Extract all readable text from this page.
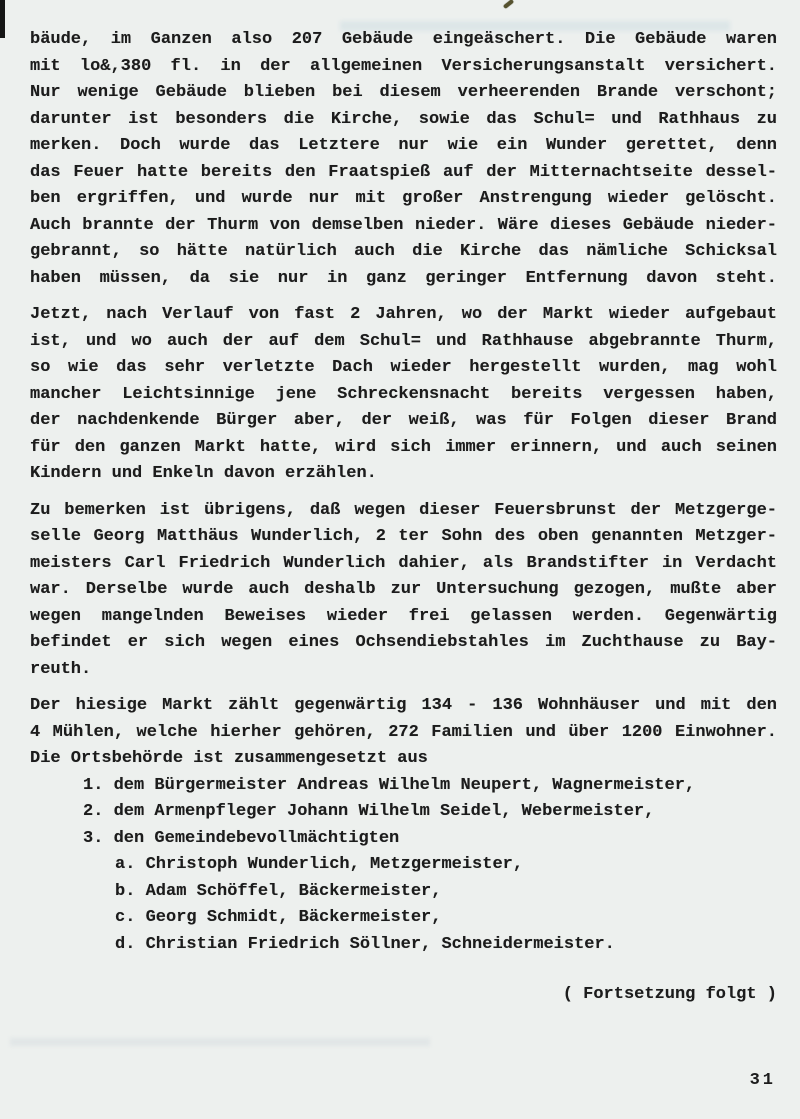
bäude, im Ganzen also 207 Gebäude eingeäschert. Die Gebäude waren
mit lo&,380 fl. in der allgemeinen Versicherungsanstalt versichert.
Nur wenige Gebäude blieben bei diesem verheerenden Brande verschont;
darunter ist besonders die Kirche, sowie das Schul= und Rathhaus zu
merken. Doch wurde das Letztere nur wie ein Wunder gerettet, denn
das Feuer hatte bereits den Fraatspieß auf der Mitternachtseite dessel-
ben ergriffen, und wurde nur mit großer Anstrengung wieder gelöscht.
Auch brannte der Thurm von demselben nieder. Wäre dieses Gebäude nieder-
gebrannt, so hätte natürlich auch die Kirche das nämliche Schicksal
haben müssen, da sie nur in ganz geringer Entfernung davon steht.
Jetzt, nach Verlauf von fast 2 Jahren, wo der Markt wieder aufgebaut
ist, und wo auch der auf dem Schul= und Rathhause abgebrannte Thurm,
so wie das sehr verletzte Dach wieder hergestellt wurden, mag wohl
mancher Leichtsinnige jene Schreckensnacht bereits vergessen haben,
der nachdenkende Bürger aber, der weiß, was für Folgen dieser Brand
für den ganzen Markt hatte, wird sich immer erinnern, und auch seinen
Kindern und Enkeln davon erzählen.
Zu bemerken ist übrigens, daß wegen dieser Feuersbrunst der Metzgerge-
selle Georg Matthäus Wunderlich, 2 ter Sohn des oben genannten Metzger-
meisters Carl Friedrich Wunderlich dahier, als Brandstifter in Verdacht
war. Derselbe wurde auch deshalb zur Untersuchung gezogen, mußte aber
wegen mangelnden Beweises wieder frei gelassen werden. Gegenwärtig
befindet er sich wegen eines Ochsendiebstahles im Zuchthause zu Bay-
reuth.
Der hiesige Markt zählt gegenwärtig 134 - 136 Wohnhäuser und mit den
4 Mühlen, welche hierher gehören, 272 Familien und über 1200 Einwohner.
Die Ortsbehörde ist zusammengesetzt aus
1. dem Bürgermeister Andreas Wilhelm Neupert, Wagnermeister,
2. dem Armenpfleger Johann Wilhelm Seidel, Webermeister,
3. den Gemeindebevollmächtigten
a. Christoph Wunderlich, Metzgermeister,
b. Adam Schöffel, Bäckermeister,
c. Georg Schmidt, Bäckermeister,
d. Christian Friedrich Söllner, Schneidermeister.
( Fortsetzung folgt )
31
